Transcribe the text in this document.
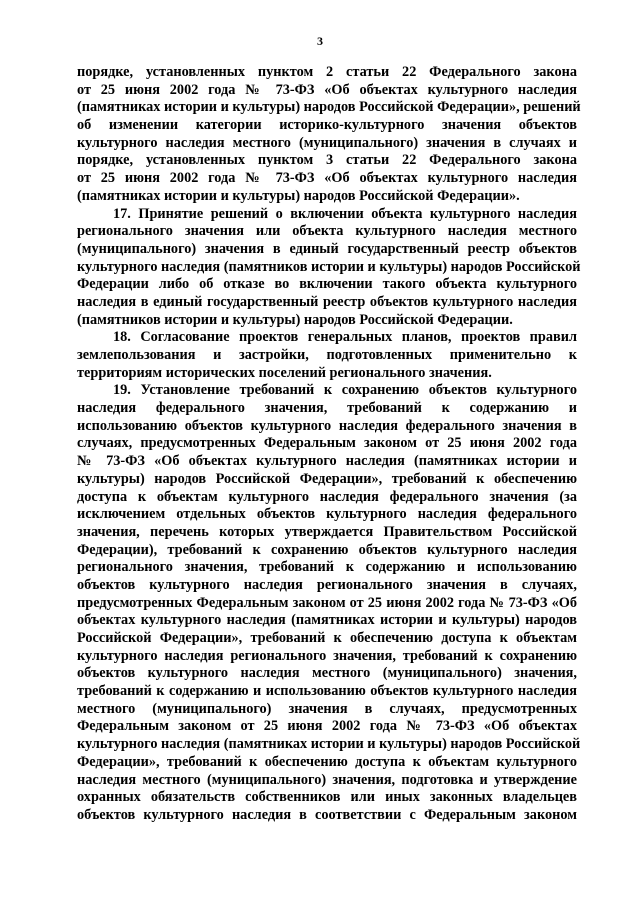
3
порядке, установленных пунктом 2 статьи 22 Федерального закона
от 25 июня 2002 года № 73-ФЗ «Об объектах культурного наследия
(памятниках истории и культуры) народов Российской Федерации», решений
об изменении категории историко-культурного значения объектов
культурного наследия местного (муниципального) значения в случаях и
порядке, установленных пунктом 3 статьи 22 Федерального закона
от 25 июня 2002 года № 73-ФЗ «Об объектах культурного наследия
(памятниках истории и культуры) народов Российской Федерации».
17. Принятие решений о включении объекта культурного наследия
регионального значения или объекта культурного наследия местного
(муниципального) значения в единый государственный реестр объектов
культурного наследия (памятников истории и культуры) народов Российской
Федерации либо об отказе во включении такого объекта культурного
наследия в единый государственный реестр объектов культурного наследия
(памятников истории и культуры) народов Российской Федерации.
18. Согласование проектов генеральных планов, проектов правил
землепользования и застройки, подготовленных применительно к
территориям исторических поселений регионального значения.
19. Установление требований к сохранению объектов культурного
наследия федерального значения, требований к содержанию и
использованию объектов культурного наследия федерального значения в
случаях, предусмотренных Федеральным законом от 25 июня 2002 года
№ 73-ФЗ «Об объектах культурного наследия (памятниках истории и
культуры) народов Российской Федерации», требований к обеспечению
доступа к объектам культурного наследия федерального значения (за
исключением отдельных объектов культурного наследия федерального
значения, перечень которых утверждается Правительством Российской
Федерации), требований к сохранению объектов культурного наследия
регионального значения, требований к содержанию и использованию
объектов культурного наследия регионального значения в случаях,
предусмотренных Федеральным законом от 25 июня 2002 года № 73-ФЗ «Об
объектах культурного наследия (памятниках истории и культуры) народов
Российской Федерации», требований к обеспечению доступа к объектам
культурного наследия регионального значения, требований к сохранению
объектов культурного наследия местного (муниципального) значения,
требований к содержанию и использованию объектов культурного наследия
местного (муниципального) значения в случаях, предусмотренных
Федеральным законом от 25 июня 2002 года № 73-ФЗ «Об объектах
культурного наследия (памятниках истории и культуры) народов Российской
Федерации», требований к обеспечению доступа к объектам культурного
наследия местного (муниципального) значения, подготовка и утверждение
охранных обязательств собственников или иных законных владельцев
объектов культурного наследия в соответствии с Федеральным законом
